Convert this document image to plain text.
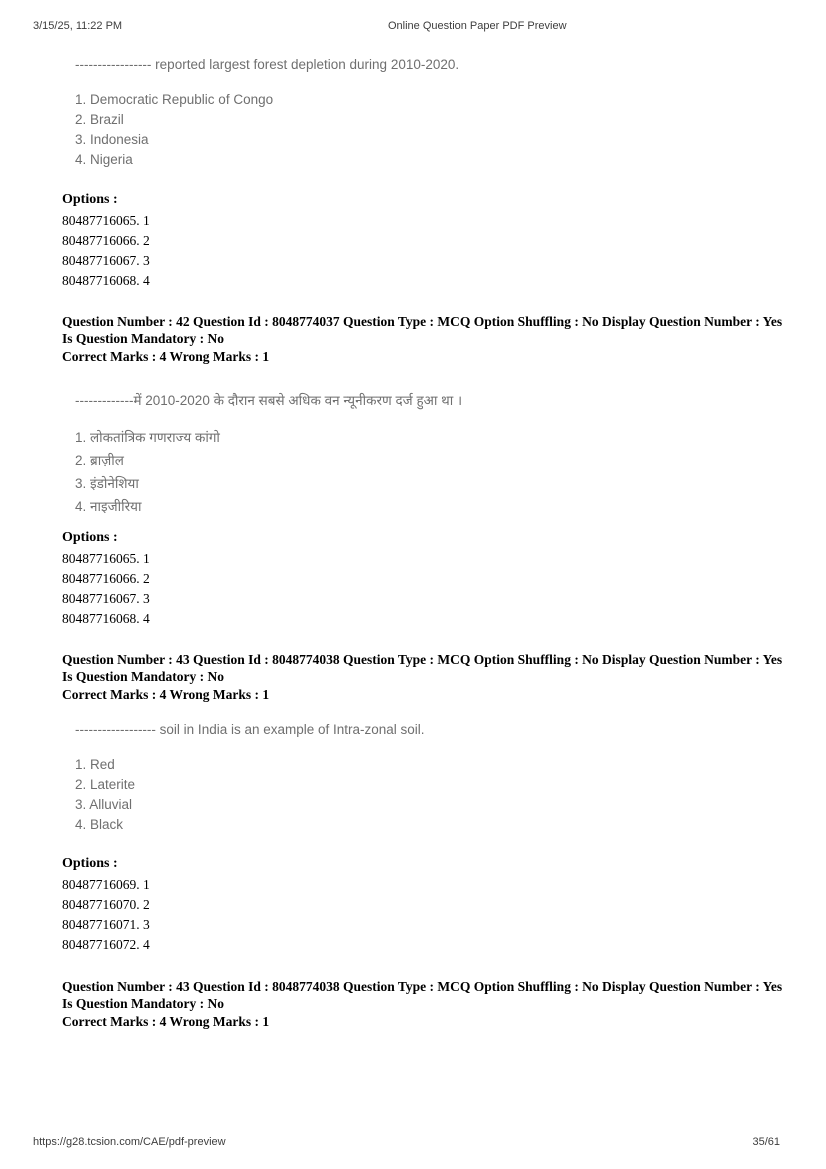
3/15/25, 11:22 PM	Online Question Paper PDF Preview
----------------- reported largest forest depletion during 2010-2020.
1. Democratic Republic of Congo
2. Brazil
3. Indonesia
4. Nigeria
Options :
80487716065. 1
80487716066. 2
80487716067. 3
80487716068. 4
Question Number : 42 Question Id : 8048774037 Question Type : MCQ Option Shuffling : No Display Question Number : Yes
Is Question Mandatory : No
Correct Marks : 4 Wrong Marks : 1
-------------में 2010-2020 के दौरान सबसे अधिक वन न्यूनीकरण दर्ज हुआ था ।
1. लोकतांत्रिक गणराज्य कांगो
2. ब्राज़ील
3. इंडोनेशिया
4. नाइजीरिया
Options :
80487716065. 1
80487716066. 2
80487716067. 3
80487716068. 4
Question Number : 43 Question Id : 8048774038 Question Type : MCQ Option Shuffling : No Display Question Number : Yes
Is Question Mandatory : No
Correct Marks : 4 Wrong Marks : 1
------------------ soil in India is an example of Intra-zonal soil.
1. Red
2. Laterite
3. Alluvial
4. Black
Options :
80487716069. 1
80487716070. 2
80487716071. 3
80487716072. 4
Question Number : 43 Question Id : 8048774038 Question Type : MCQ Option Shuffling : No Display Question Number : Yes
Is Question Mandatory : No
Correct Marks : 4 Wrong Marks : 1
https://g28.tcsion.com/CAE/pdf-preview	35/61
